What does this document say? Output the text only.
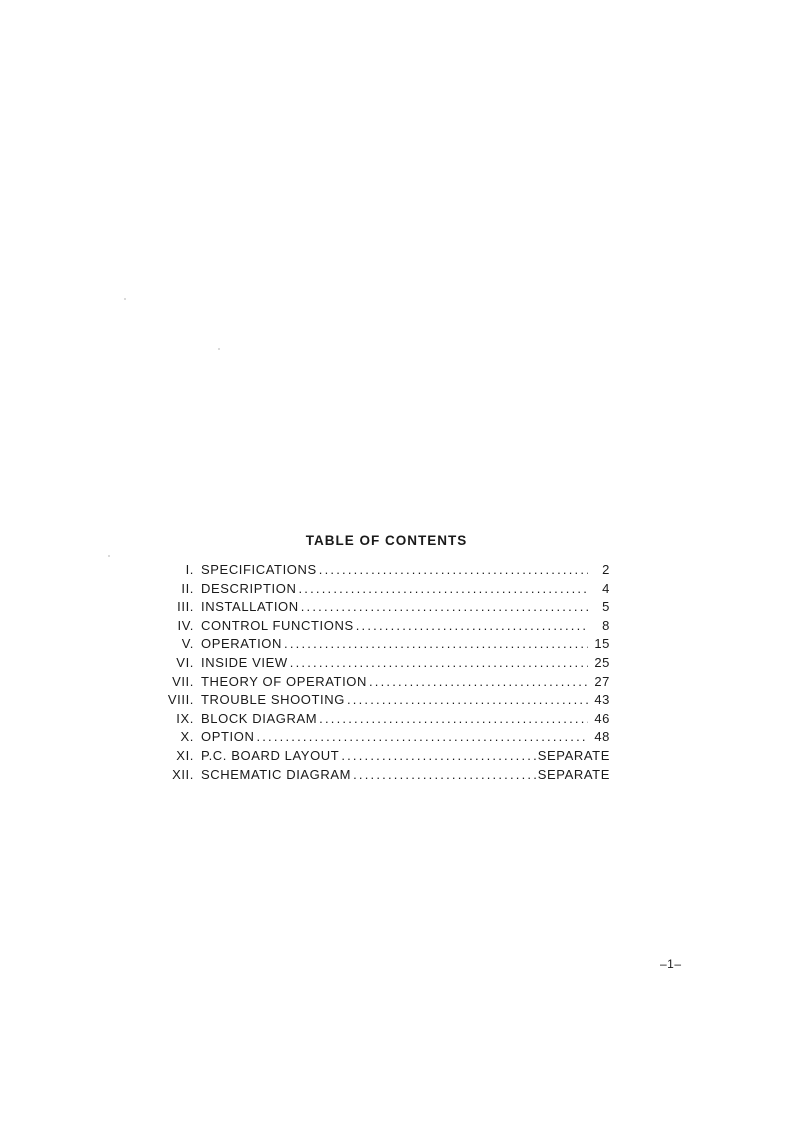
TABLE OF CONTENTS
I. SPECIFICATIONS .....	2
II. DESCRIPTION .....	4
III. INSTALLATION .....	5
IV. CONTROL FUNCTIONS .....	8
V. OPERATION .....	15
VI. INSIDE VIEW .....	25
VII. THEORY OF OPERATION .....	27
VIII. TROUBLE SHOOTING .....	43
IX. BLOCK DIAGRAM .....	46
X. OPTION .....	48
XI. P.C. BOARD LAYOUT .....	SEPARATE
XII. SCHEMATIC DIAGRAM .....	SEPARATE
–1–
